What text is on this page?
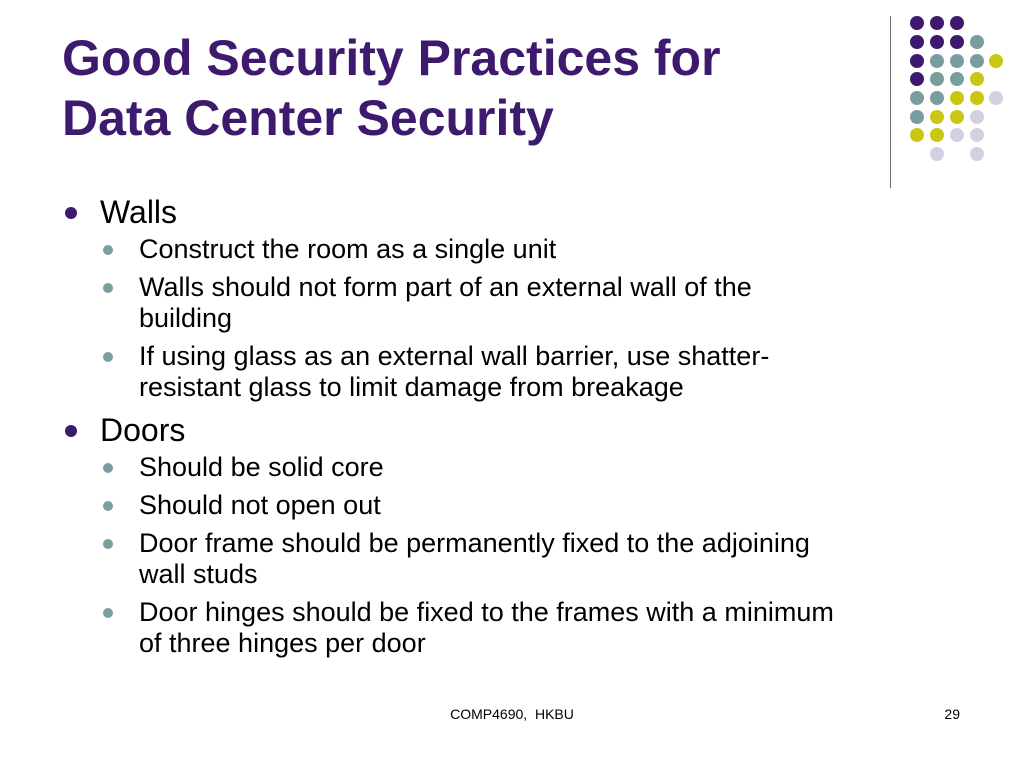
Good Security Practices for
Data Center Security
Walls
Construct the room as a single unit
Walls should not form part of an external wall of the
building
If using glass as an external wall barrier, use shatter-
resistant glass to limit damage from breakage
Doors
Should be solid core
Should not open out
Door frame should be permanently fixed to the adjoining
wall studs
Door hinges should be fixed to the frames with a minimum
of three hinges per door
COMP4690,  HKBU	29
